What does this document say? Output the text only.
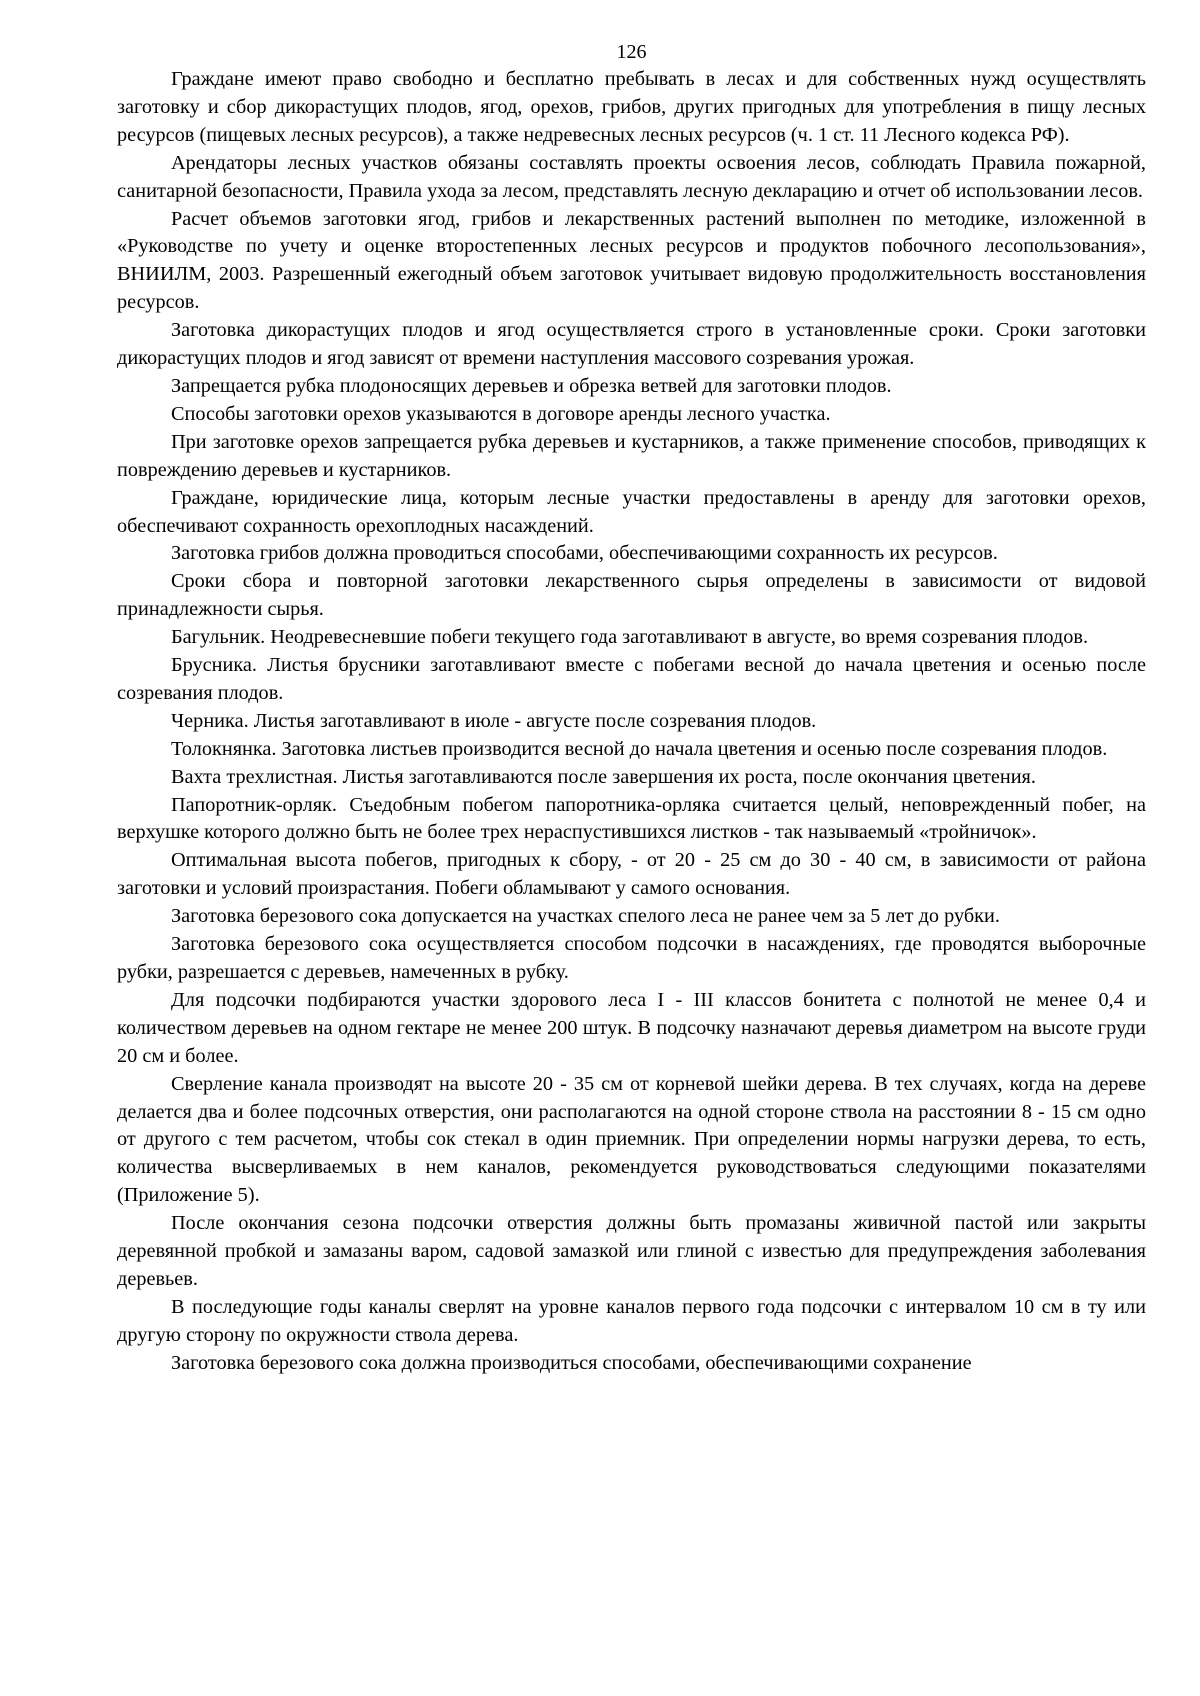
126

Граждане имеют право свободно и бесплатно пребывать в лесах и для собственных нужд осуществлять заготовку и сбор дикорастущих плодов, ягод, орехов, грибов, других пригодных для употребления в пищу лесных ресурсов (пищевых лесных ресурсов), а также недревесных лесных ресурсов (ч. 1 ст. 11 Лесного кодекса РФ).

Арендаторы лесных участков обязаны составлять проекты освоения лесов, соблюдать Правила пожарной, санитарной безопасности, Правила ухода за лесом, представлять лесную декларацию и отчет об использовании лесов.

Расчет объемов заготовки ягод, грибов и лекарственных растений выполнен по методике, изложенной в «Руководстве по учету и оценке второстепенных лесных ресурсов и продуктов побочного лесопользования», ВНИИЛМ, 2003. Разрешенный ежегодный объем заготовок учитывает видовую продолжительность восстановления ресурсов.

Заготовка дикорастущих плодов и ягод осуществляется строго в установленные сроки. Сроки заготовки дикорастущих плодов и ягод зависят от времени наступления массового созревания урожая.

Запрещается рубка плодоносящих деревьев и обрезка ветвей для заготовки плодов.

Способы заготовки орехов указываются в договоре аренды лесного участка.

При заготовке орехов запрещается рубка деревьев и кустарников, а также применение способов, приводящих к повреждению деревьев и кустарников.

Граждане, юридические лица, которым лесные участки предоставлены в аренду для заготовки орехов, обеспечивают сохранность орехоплодных насаждений.

Заготовка грибов должна проводиться способами, обеспечивающими сохранность их ресурсов.

Сроки сбора и повторной заготовки лекарственного сырья определены в зависимости от видовой принадлежности сырья.

Багульник. Неодревесневшие побеги текущего года заготавливают в августе, во время созревания плодов.

Брусника. Листья брусники заготавливают вместе с побегами весной до начала цветения и осенью после созревания плодов.

Черника. Листья заготавливают в июле - августе после созревания плодов.

Толокнянка. Заготовка листьев производится весной до начала цветения и осенью после созревания плодов.

Вахта трехлистная. Листья заготавливаются после завершения их роста, после окончания цветения.

Папоротник-орляк. Съедобным побегом папоротника-орляка считается целый, неповрежденный побег, на верхушке которого должно быть не более трех нераспустившихся листков - так называемый «тройничок».

Оптимальная высота побегов, пригодных к сбору, - от 20 - 25 см до 30 - 40 см, в зависимости от района заготовки и условий произрастания. Побеги обламывают у самого основания.

Заготовка березового сока допускается на участках спелого леса не ранее чем за 5 лет до рубки.

Заготовка березового сока осуществляется способом подсочки в насаждениях, где проводятся выборочные рубки, разрешается с деревьев, намеченных в рубку.

Для подсочки подбираются участки здорового леса I - III классов бонитета с полнотой не менее 0,4 и количеством деревьев на одном гектаре не менее 200 штук. В подсочку назначают деревья диаметром на высоте груди 20 см и более.

Сверление канала производят на высоте 20 - 35 см от корневой шейки дерева. В тех случаях, когда на дереве делается два и более подсочных отверстия, они располагаются на одной стороне ствола на расстоянии 8 - 15 см одно от другого с тем расчетом, чтобы сок стекал в один приемник. При определении нормы нагрузки дерева, то есть, количества высверливаемых в нем каналов, рекомендуется руководствоваться следующими показателями (Приложение 5).

После окончания сезона подсочки отверстия должны быть промазаны живичной пастой или закрыты деревянной пробкой и замазаны варом, садовой замазкой или глиной с известью для предупреждения заболевания деревьев.

В последующие годы каналы сверлят на уровне каналов первого года подсочки с интервалом 10 см в ту или другую сторону по окружности ствола дерева.

Заготовка березового сока должна производиться способами, обеспечивающими сохранение
